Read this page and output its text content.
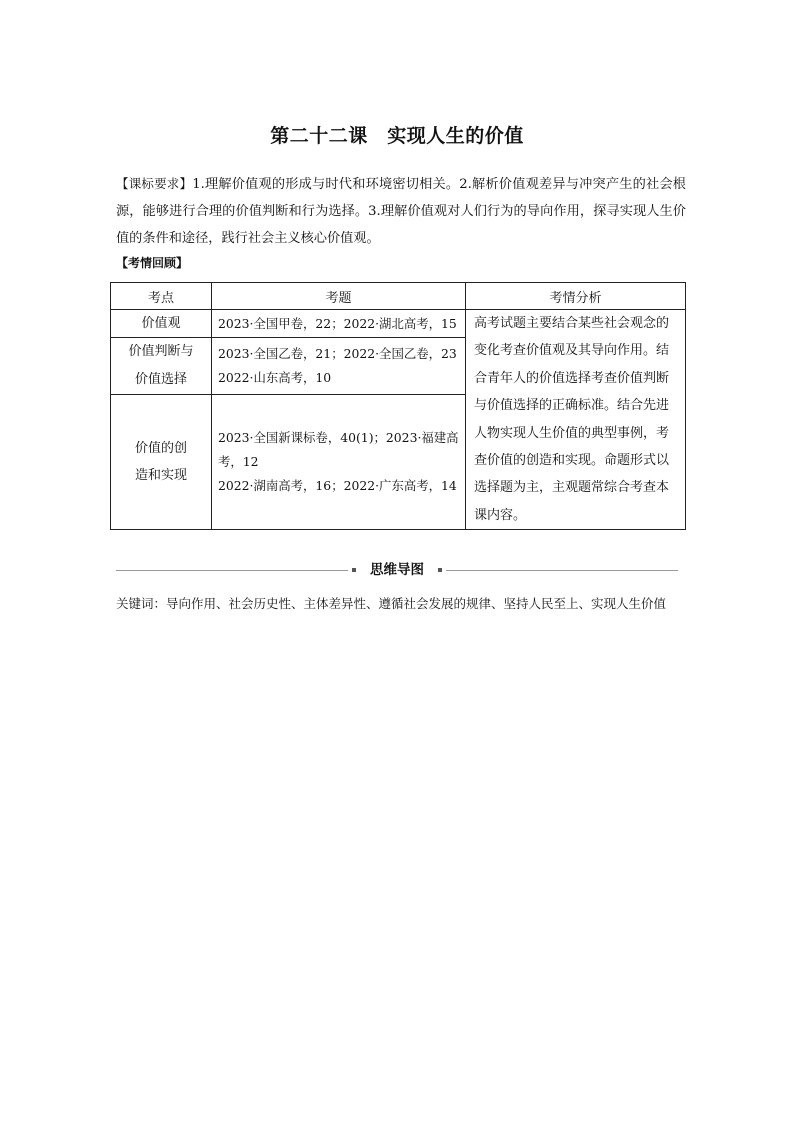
第二十二课　实现人生的价值
【课标要求】1.理解价值观的形成与时代和环境密切相关。2.解析价值观差异与冲突产生的社会根源，能够进行合理的价值判断和行为选择。3.理解价值观对人们行为的导向作用，探寻实现人生价值的条件和途径，践行社会主义核心价值观。
【考情回顾】
考点	考题	考情分析
价值观	2023·全国甲卷，22；2022·湖北高考，15	高考试题主要结合某些社会观念的变化考查价值观及其导向作用。结合青年人的价值选择考查价值判断与价值选择的正确标准。结合先进人物实现人生价值的典型事例，考查价值的创造和实现。命题形式以选择题为主，主观题常综合考查本课内容。
价值判断与价值选择	2023·全国乙卷，21；2022·全国乙卷，23
2022·山东高考，10	

价值的创造和实现	2023·全国新课标卷，40(1)；2023·福建高考，12
2022·湖南高考，16；2022·广东高考，14	
思维导图
关键词： 导向作用、社会历史性、主体差异性、遵循社会发展的规律、坚持人民至上、实现人生价值
